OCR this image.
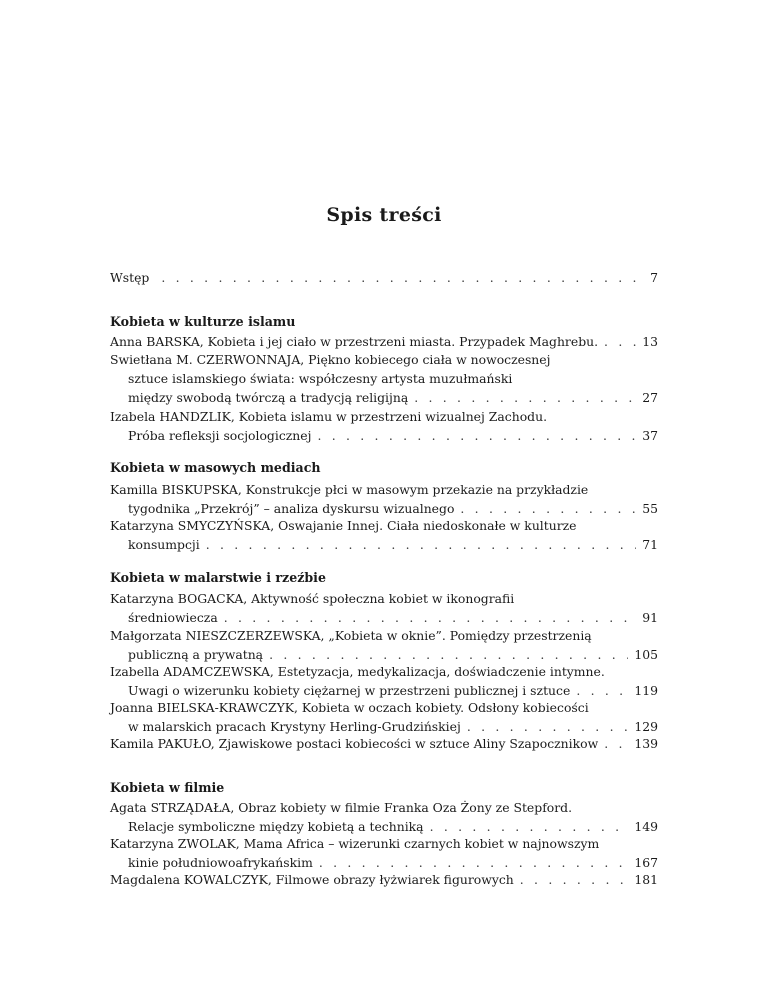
Spis treści
Wstęp . . .	7
Kobieta w kulturze islamu
Anna BARSKA, Kobieta i jej ciało w przestrzeni miasta. Przypadek Maghrebu. . . .	13
Swietłana M. CZERWONNAJA, Piękno kobiecego ciała w nowoczesnej
sztuce islamskiego świata: współczesny artysta muzułmański
między swobodą twórczą a tradycją religijną . . .	27
Izabela HANDZLIK, Kobieta islamu w przestrzeni wizualnej Zachodu.
Próba refleksji socjologicznej . . .	37
Kobieta w masowych mediach
Kamilla BISKUPSKA, Konstrukcje płci w masowym przekazie na przykładzie
tygodnika „Przekrój” – analiza dyskursu wizualnego . . .	55
Katarzyna SMYCZYŃSKA, Oswajanie Innej. Ciała niedoskonałe w kulturze
konsumpcji . . .	71
Kobieta w malarstwie i rzeźbie
Katarzyna BOGACKA, Aktywność społeczna kobiet w ikonografii
średniowiecza . . .	91
Małgorzata NIESZCZERZEWSKA, „Kobieta w oknie”. Pomiędzy przestrzenią
publiczną a prywatną . . .	105
Izabella ADAMCZEWSKA, Estetyzacja, medykalizacja, doświadczenie intymne.
Uwagi o wizerunku kobiety ciężarnej w przestrzeni publicznej i sztuce . . .	119
Joanna BIELSKA-KRAWCZYK, Kobieta w oczach kobiety. Odsłony kobiecości
w malarskich pracach Krystyny Herling-Grudzińskiej . . .	129
Kamila PAKUŁO, Zjawiskowe postaci kobiecości w sztuce Aliny Szapocznikow . . .	139
Kobieta w filmie
Agata STRZĄDAŁA, Obraz kobiety w filmie Franka Oza Żony ze Stepford.
Relacje symboliczne między kobietą a techniką . . .	149
Katarzyna ZWOLAK, Mama Africa – wizerunki czarnych kobiet w najnowszym
kinie południowoafrykańskim . . .	167
Magdalena KOWALCZYK, Filmowe obrazy łyżwiarek figurowych . . .	181
